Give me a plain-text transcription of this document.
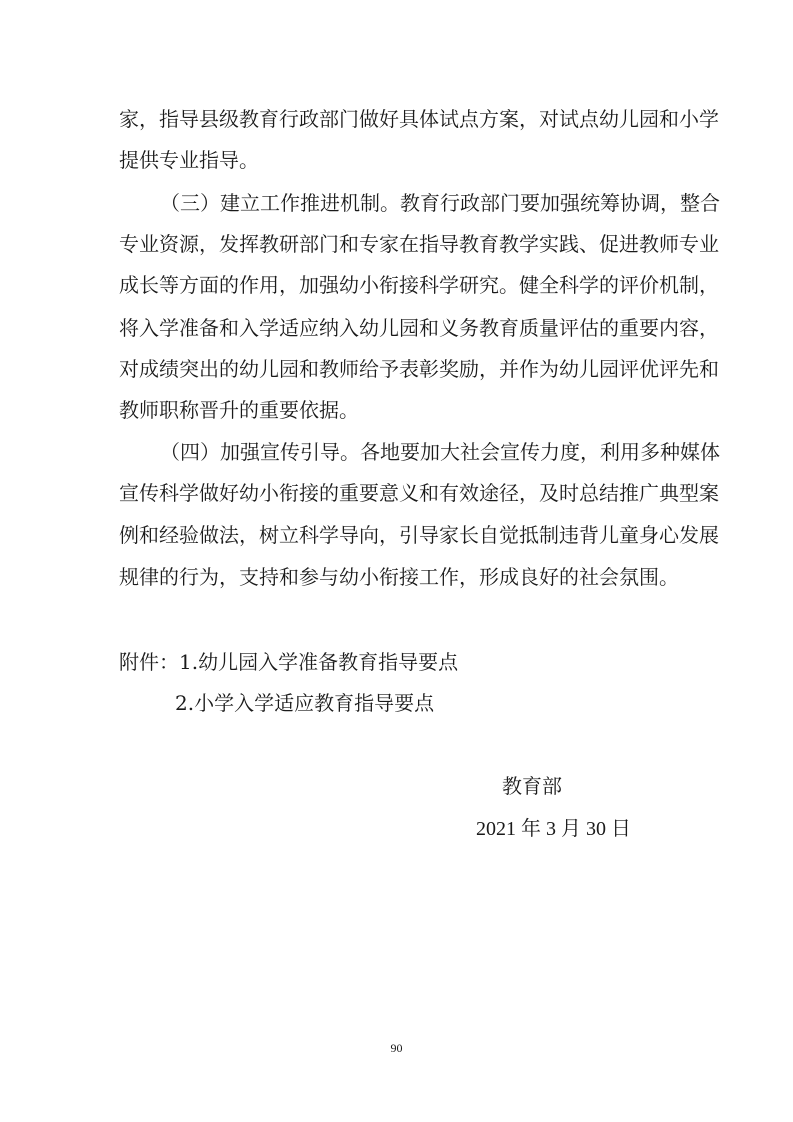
家，指导县级教育行政部门做好具体试点方案，对试点幼儿园和小学
提供专业指导。
（三）建立工作推进机制。教育行政部门要加强统筹协调，整合
专业资源，发挥教研部门和专家在指导教育教学实践、促进教师专业
成长等方面的作用，加强幼小衔接科学研究。健全科学的评价机制，
将入学准备和入学适应纳入幼儿园和义务教育质量评估的重要内容，
对成绩突出的幼儿园和教师给予表彰奖励，并作为幼儿园评优评先和
教师职称晋升的重要依据。
（四）加强宣传引导。各地要加大社会宣传力度，利用多种媒体
宣传科学做好幼小衔接的重要意义和有效途径，及时总结推广典型案
例和经验做法，树立科学导向，引导家长自觉抵制违背儿童身心发展
规律的行为，支持和参与幼小衔接工作，形成良好的社会氛围。
附件：1.幼儿园入学准备教育指导要点
2.小学入学适应教育指导要点
教育部
2021 年 3 月 30 日
90
